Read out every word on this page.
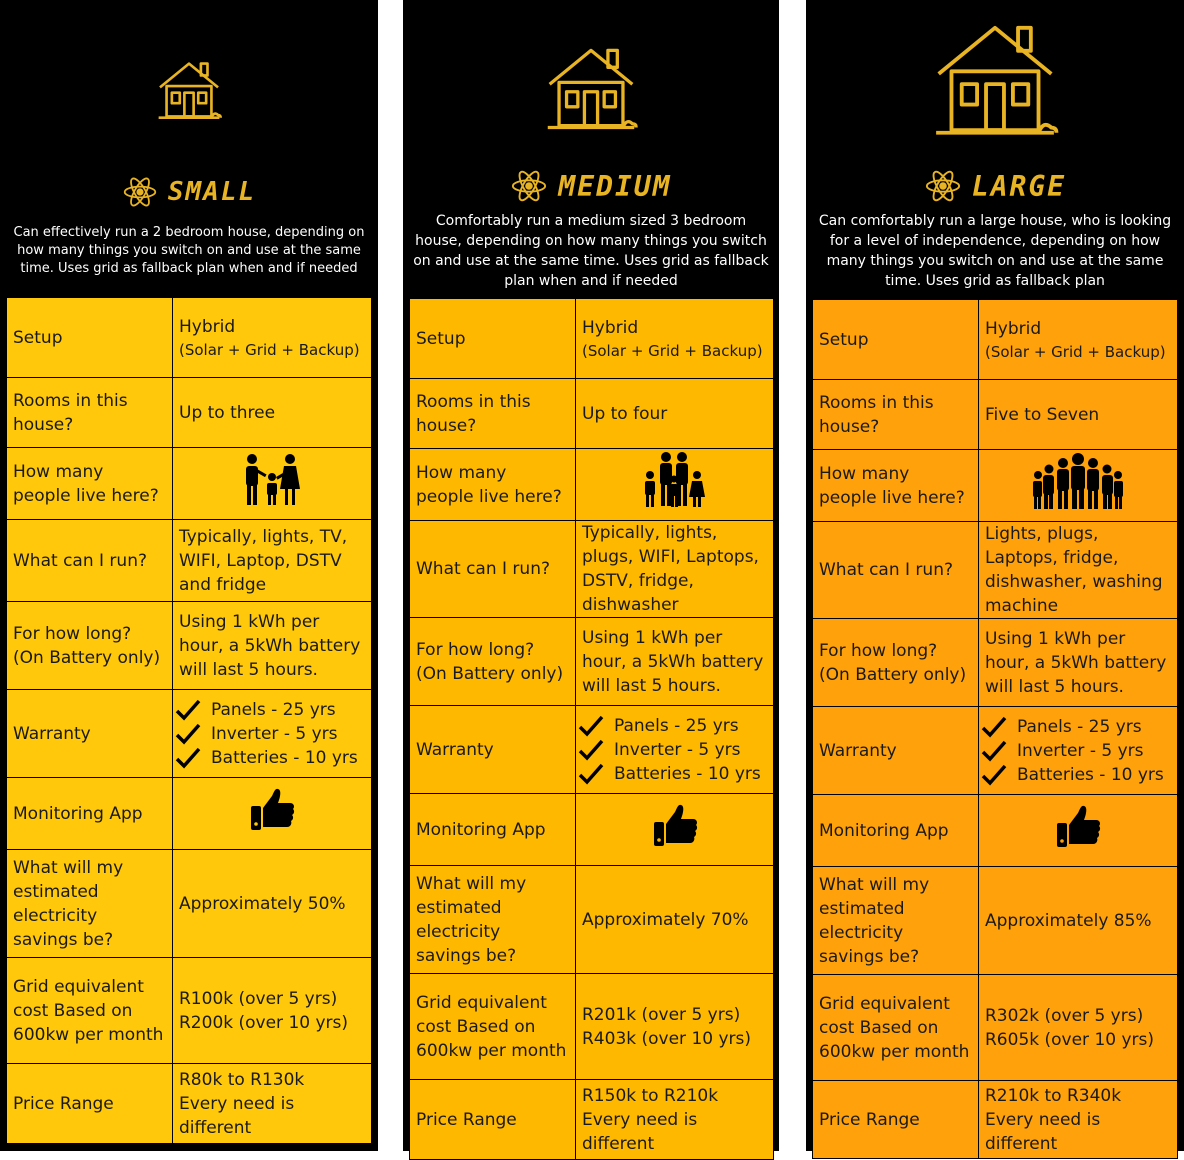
SMALL
Can effectively run a 2 bedroom house, depending on how many things you switch on and use at the same time. Uses grid as fallback plan when and if needed
Setup	Hybrid
(Solar + Grid + Backup)

Rooms in this house?	Up to three
How many people live here?	
What can I run?	Typically, lights, TV, WIFI, Laptop, DSTV and fridge
For how long? (On Battery only)	Using 1 kWh per hour, a 5kWh battery will last 5 hours.
Warranty	Panels - 25 yrs
Inverter - 5 yrs
Batteries - 10 yrs

Monitoring App	
What will my estimated electricity savings be?	Approximately 50%
Grid equivalent cost Based on 600kw per month	R100k (over 5 yrs)
R200k (over 10 yrs)

Price Range	R80k to R130k
Every need is different
MEDIUM
Comfortably run a medium sized 3 bedroom house, depending on how many things you switch on and use at the same time. Uses grid as fallback plan when and if needed
Setup	Hybrid
(Solar + Grid + Backup)

Rooms in this house?	Up to four
How many people live here?	
What can I run?	Typically, lights, plugs, WIFI, Laptops, DSTV, fridge, dishwasher
For how long? (On Battery only)	Using 1 kWh per hour, a 5kWh battery will last 5 hours.
Warranty	Panels - 25 yrs
Inverter - 5 yrs
Batteries - 10 yrs

Monitoring App	
What will my estimated electricity savings be?	Approximately 70%
Grid equivalent cost Based on 600kw per month	R201k (over 5 yrs)
R403k (over 10 yrs)

Price Range	R150k to R210k
Every need is different
LARGE
Can comfortably run a large house, who is looking for a level of independence, depending on how many things you switch on and use at the same time. Uses grid as fallback plan
Setup	Hybrid
(Solar + Grid + Backup)

Rooms in this house?	Five to Seven
How many people live here?	
What can I run?	Lights, plugs, Laptops, fridge, dishwasher, washing machine
For how long? (On Battery only)	Using 1 kWh per hour, a 5kWh battery will last 5 hours.
Warranty	Panels - 25 yrs
Inverter - 5 yrs
Batteries - 10 yrs

Monitoring App	
What will my estimated electricity savings be?	Approximately 85%
Grid equivalent cost Based on 600kw per month	R302k (over 5 yrs)
R605k (over 10 yrs)

Price Range	R210k to R340k
Every need is different
